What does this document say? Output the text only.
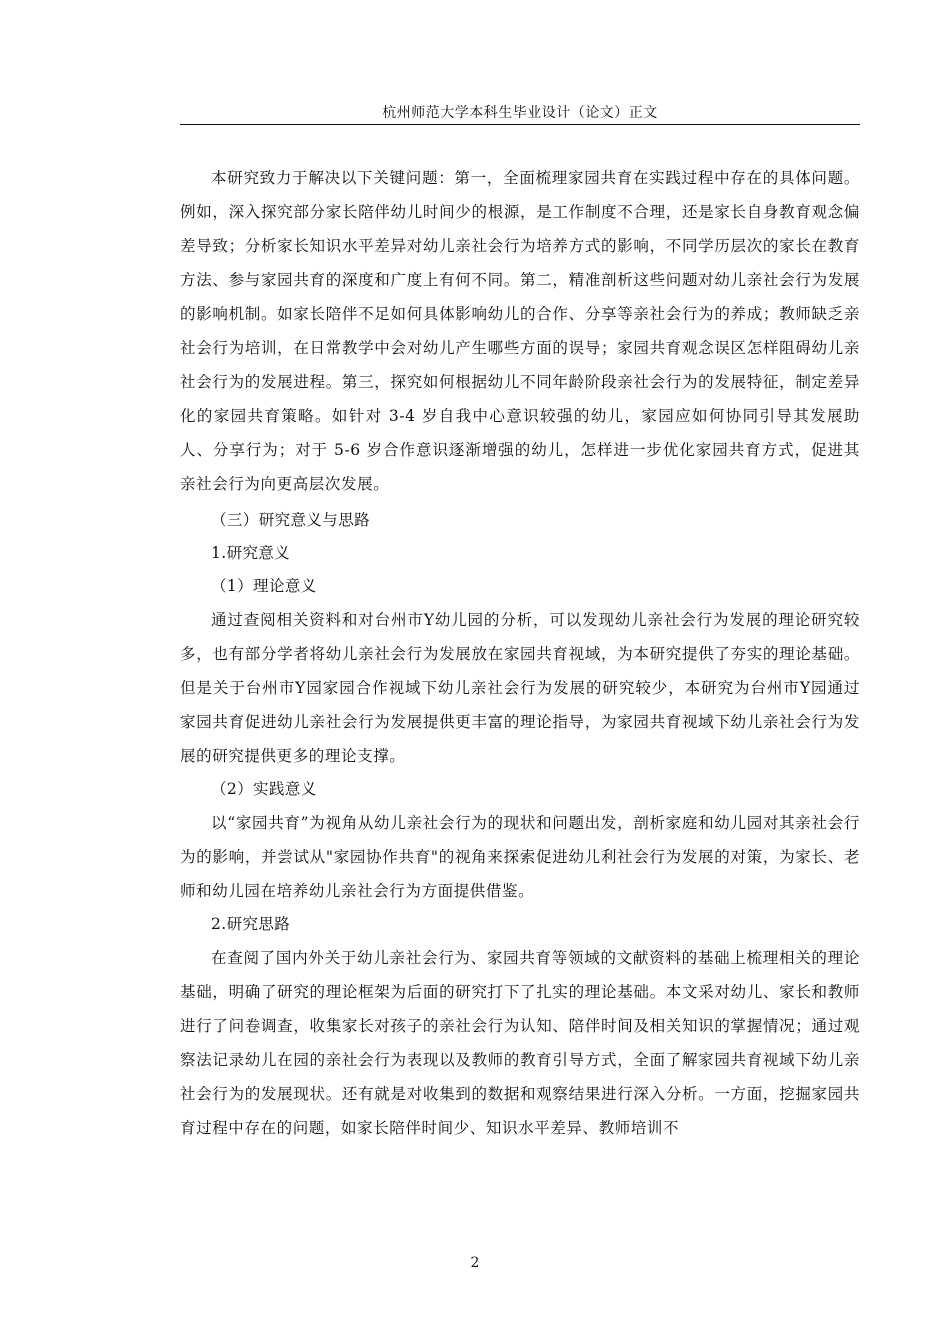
杭州师范大学本科生毕业设计（论文）正文

本研究致力于解决以下关键问题：第一，全面梳理家园共育在实践过程中存在的具体问题。例如，深入探究部分家长陪伴幼儿时间少的根源，是工作制度不合理，还是家长自身教育观念偏差导致；分析家长知识水平差异对幼儿亲社会行为培养方式的影响，不同学历层次的家长在教育方法、参与家园共育的深度和广度上有何不同。第二，精准剖析这些问题对幼儿亲社会行为发展的影响机制。如家长陪伴不足如何具体影响幼儿的合作、分享等亲社会行为的养成；教师缺乏亲社会行为培训，在日常教学中会对幼儿产生哪些方面的误导；家园共育观念误区怎样阻碍幼儿亲社会行为的发展进程。第三，探究如何根据幼儿不同年龄阶段亲社会行为的发展特征，制定差异化的家园共育策略。如针对 3-4 岁自我中心意识较强的幼儿，家园应如何协同引导其发展助人、分享行为；对于 5-6 岁合作意识逐渐增强的幼儿，怎样进一步优化家园共育方式，促进其亲社会行为向更高层次发展。

（三）研究意义与思路

1.研究意义

（1）理论意义

通过查阅相关资料和对台州市Y幼儿园的分析，可以发现幼儿亲社会行为发展的理论研究较多，也有部分学者将幼儿亲社会行为发展放在家园共育视域，为本研究提供了夯实的理论基础。但是关于台州市Y园家园合作视域下幼儿亲社会行为发展的研究较少，本研究为台州市Y园通过家园共育促进幼儿亲社会行为发展提供更丰富的理论指导，为家园共育视域下幼儿亲社会行为发展的研究提供更多的理论支撑。

（2）实践意义

以“家园共育”为视角从幼儿亲社会行为的现状和问题出发，剖析家庭和幼儿园对其亲社会行为的影响，并尝试从"家园协作共育"的视角来探索促进幼儿利社会行为发展的对策，为家长、老师和幼儿园在培养幼儿亲社会行为方面提供借鉴。

2.研究思路

在查阅了国内外关于幼儿亲社会行为、家园共育等领域的文献资料的基础上梳理相关的理论基础，明确了研究的理论框架为后面的研究打下了扎实的理论基础。本文采对幼儿、家长和教师进行了问卷调查，收集家长对孩子的亲社会行为认知、陪伴时间及相关知识的掌握情况；通过观察法记录幼儿在园的亲社会行为表现以及教师的教育引导方式，全面了解家园共育视域下幼儿亲社会行为的发展现状。还有就是对收集到的数据和观察结果进行深入分析。一方面，挖掘家园共育过程中存在的问题，如家长陪伴时间少、知识水平差异、教师培训不

2
